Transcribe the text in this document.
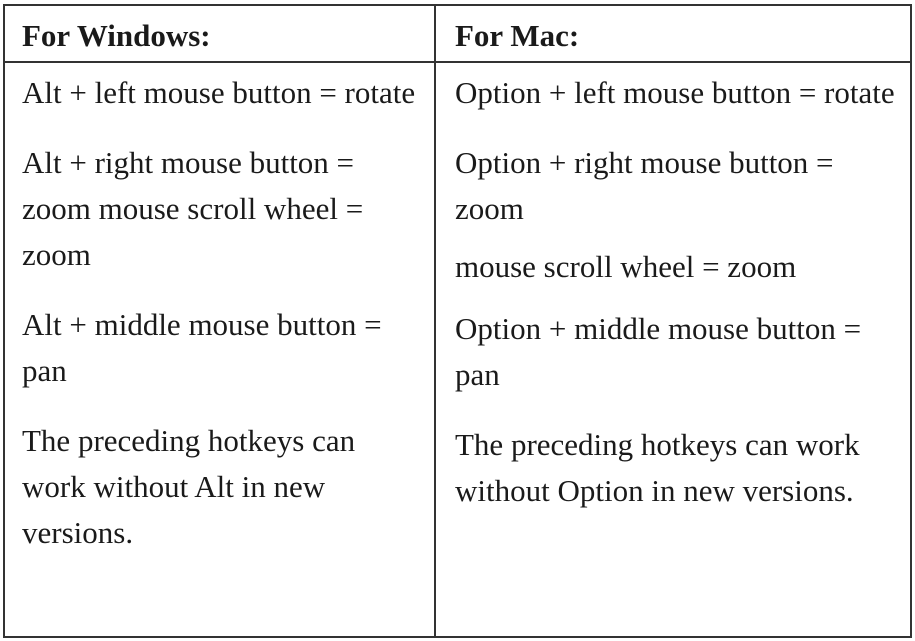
For Windows:	For Mac:

Alt + left mouse button = rotate

Alt + right mouse button = zoom mouse scroll wheel = zoom

Alt + middle mouse button = pan

The preceding hotkeys can work without Alt in new versions.

Option + left mouse button = rotate

Option + right mouse button = zoom

mouse scroll wheel = zoom

Option + middle mouse button = pan

The preceding hotkeys can work without Option in new versions.
